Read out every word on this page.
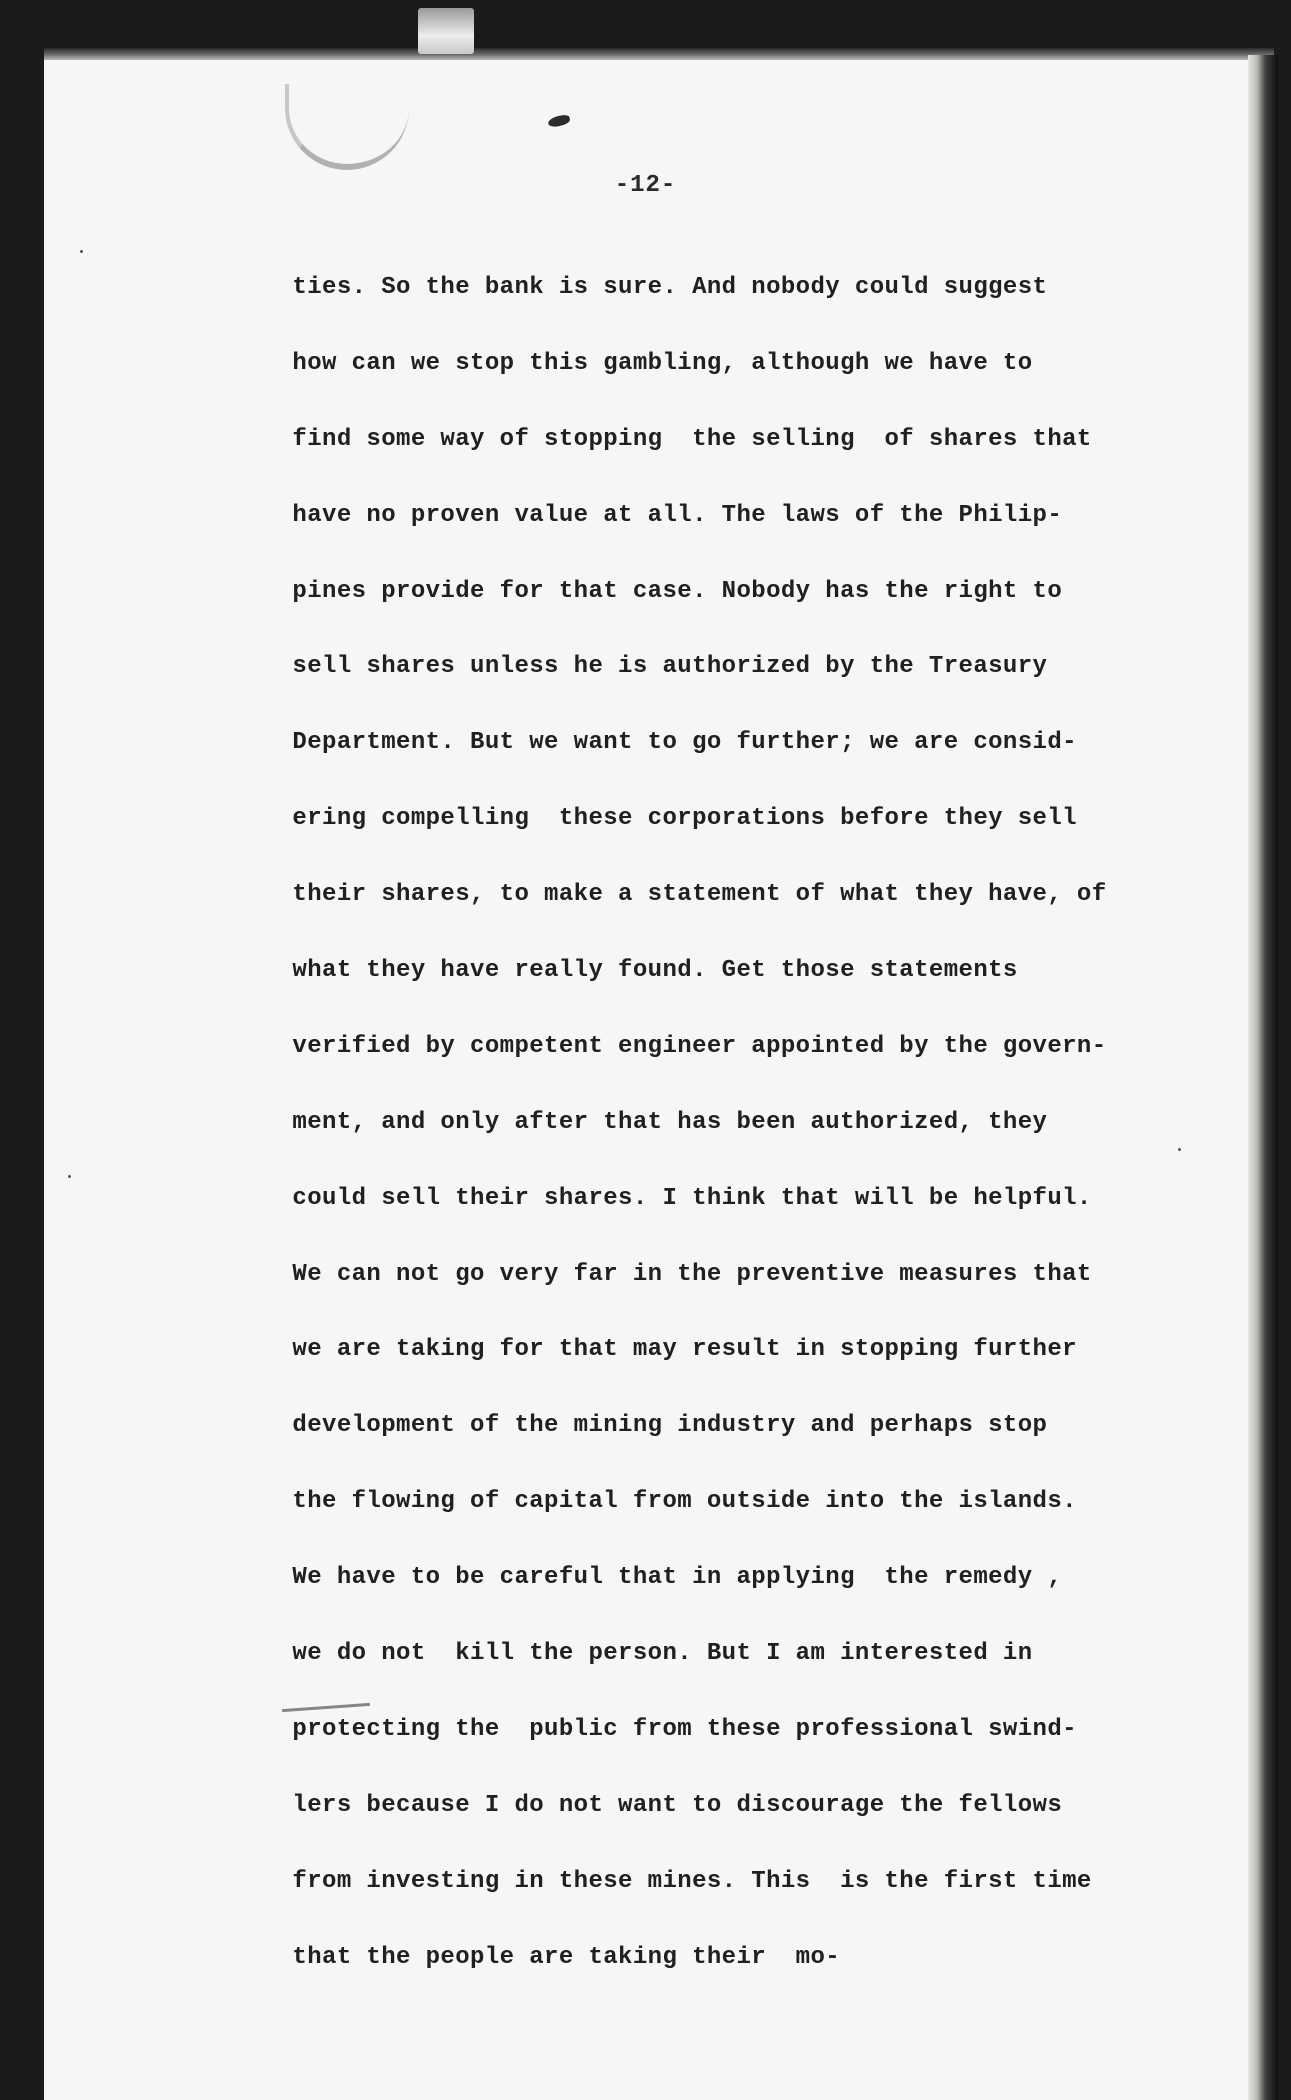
-12-
ties. So the bank is sure. And nobody could suggest
how can we stop this gambling, although we have to
find some way of stopping  the selling  of shares that
have no proven value at all. The laws of the Philip-
pines provide for that case. Nobody has the right to
sell shares unless he is authorized by the Treasury
Department. But we want to go further; we are consid-
ering compelling  these corporations before they sell
their shares, to make a statement of what they have, of
what they have really found. Get those statements
verified by competent engineer appointed by the govern-
ment, and only after that has been authorized, they
could sell their shares. I think that will be helpful.
We can not go very far in the preventive measures that
we are taking for that may result in stopping further
development of the mining industry and perhaps stop
the flowing of capital from outside into the islands.
We have to be careful that in applying  the remedy ,
we do not  kill the person. But I am interested in
protecting the  public from these professional swind-
lers because I do not want to discourage the fellows
from investing in these mines. This  is the first time
that the people are taking their  mo-
